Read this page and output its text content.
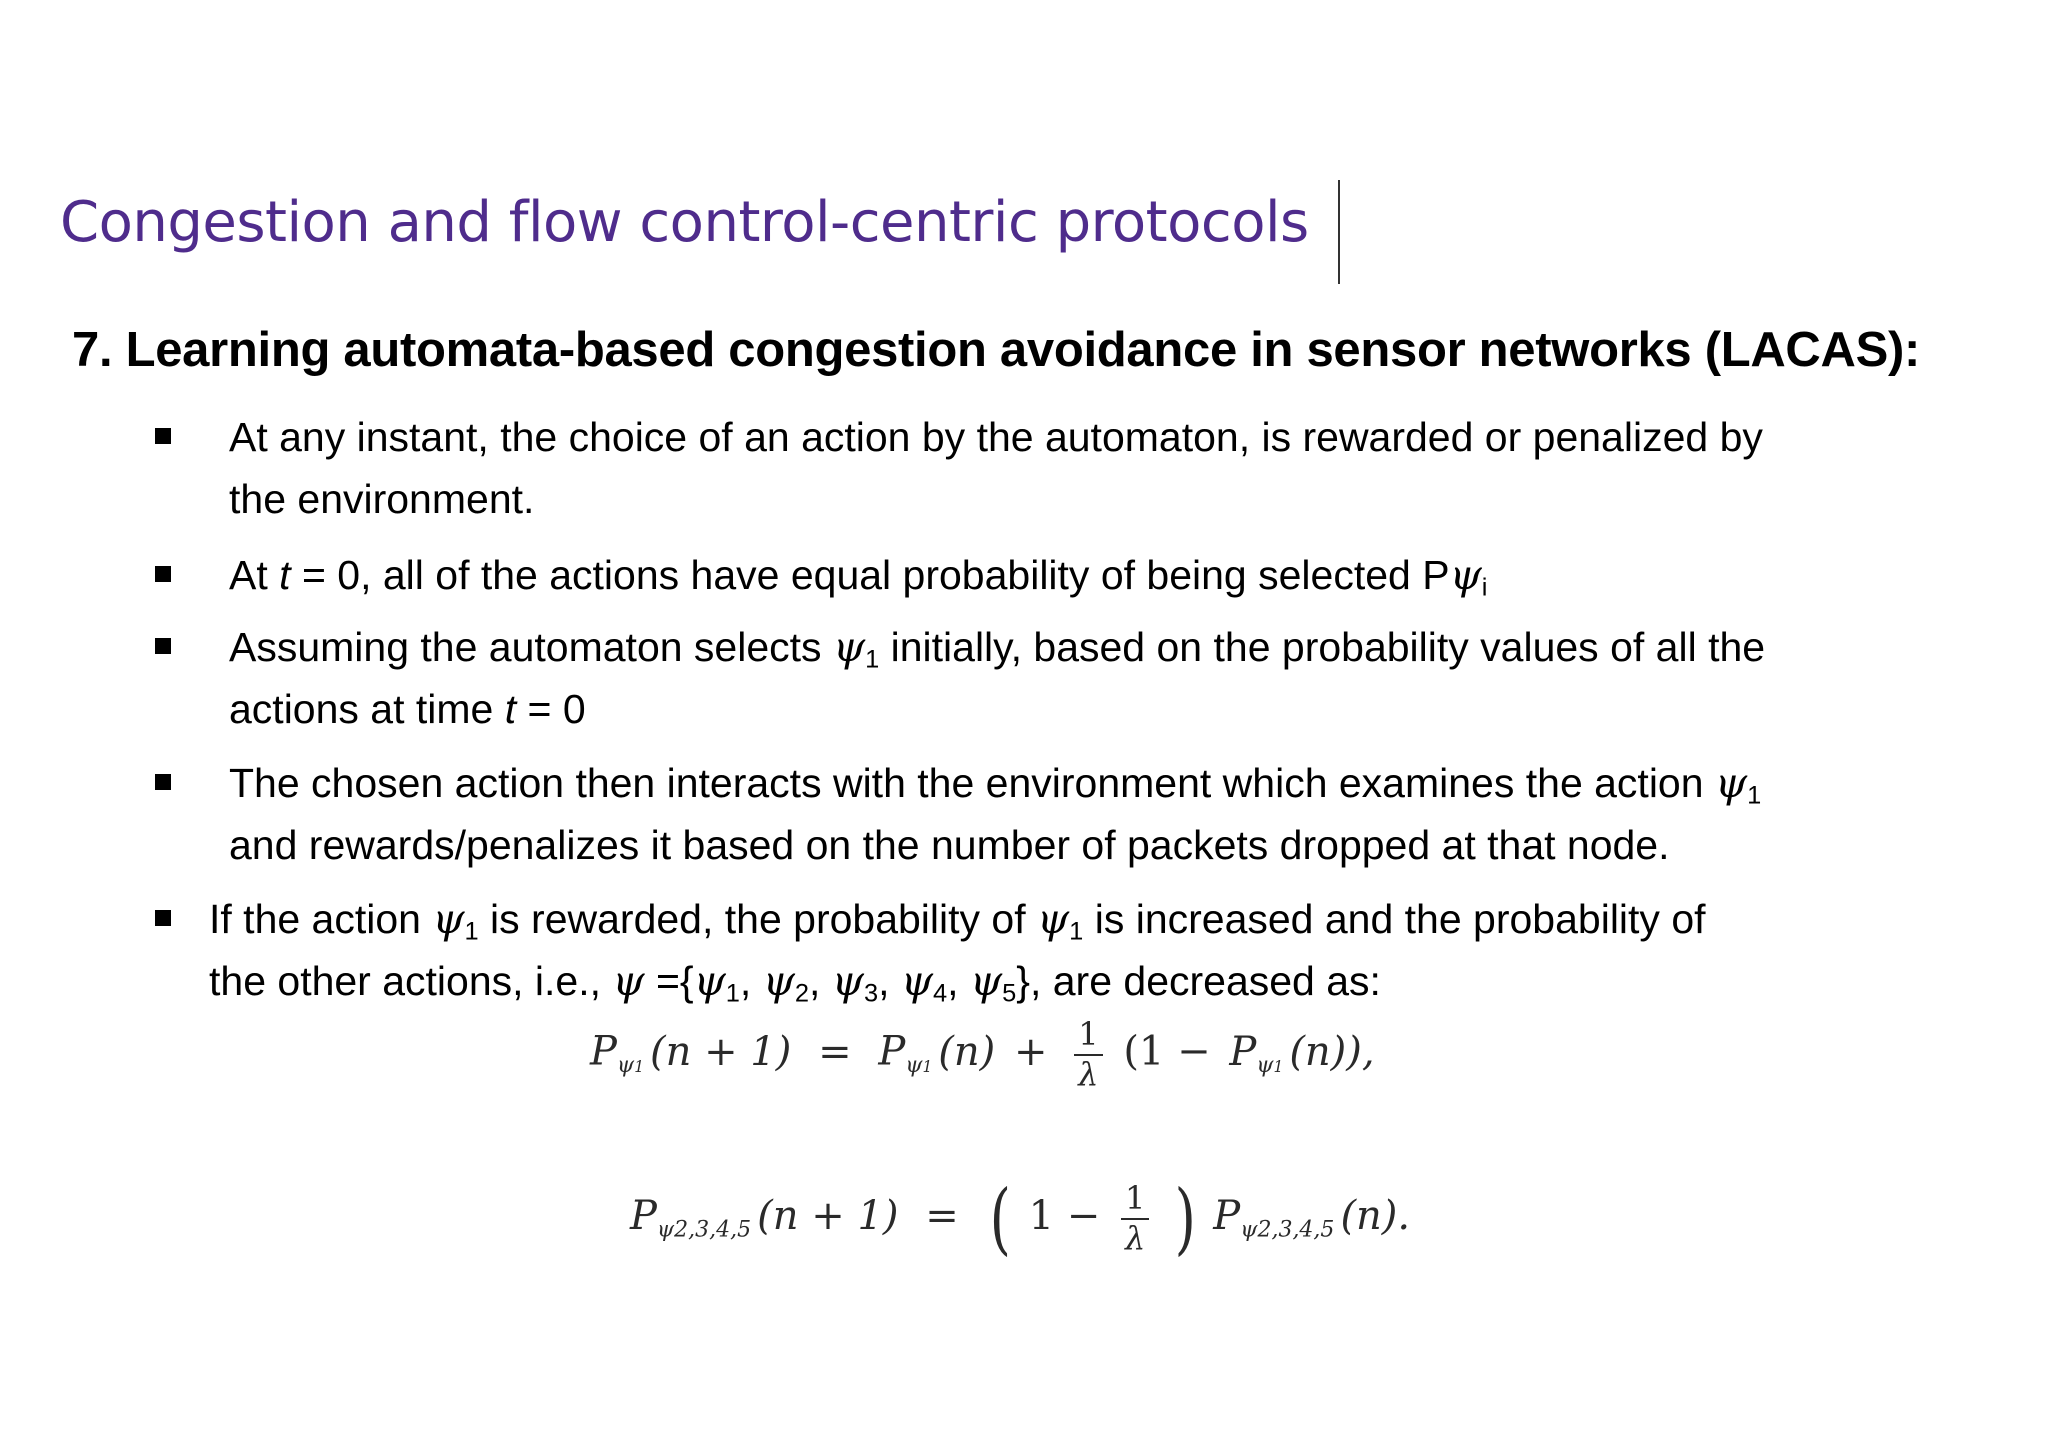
Congestion and flow control-centric protocols
7. Learning automata-based congestion avoidance in sensor networks (LACAS):
At any instant, the choice of an action by the automaton, is rewarded or penalized by
the environment.
At t = 0, all of the actions have equal probability of being selected $P\psi_i$
Assuming the automaton selects $\psi_1$ initially, based on the probability values of all the
actions at time t = 0
The chosen action then interacts with the environment which examines the action $\psi_1$
and rewards/penalizes it based on the number of packets dropped at that node.
If the action $\psi_1$ is rewarded, the probability of $\psi_1$ is increased and the probability of
the other actions, i.e., $\psi =\{\psi_1$, $\psi_2$, $\psi_3$, $\psi_4$, $\psi_5$}, are decreased as:
Pψ1 (n + 1) = Pψ1 $(n) + \frac{1}{\lambda} (1 - P\psi 1$ (n)),
Pψ2,3,4,5 (n + 1) = ( $1 - \frac{1}{\lambda}$ ) Pψ2,3,4,5 (n).
